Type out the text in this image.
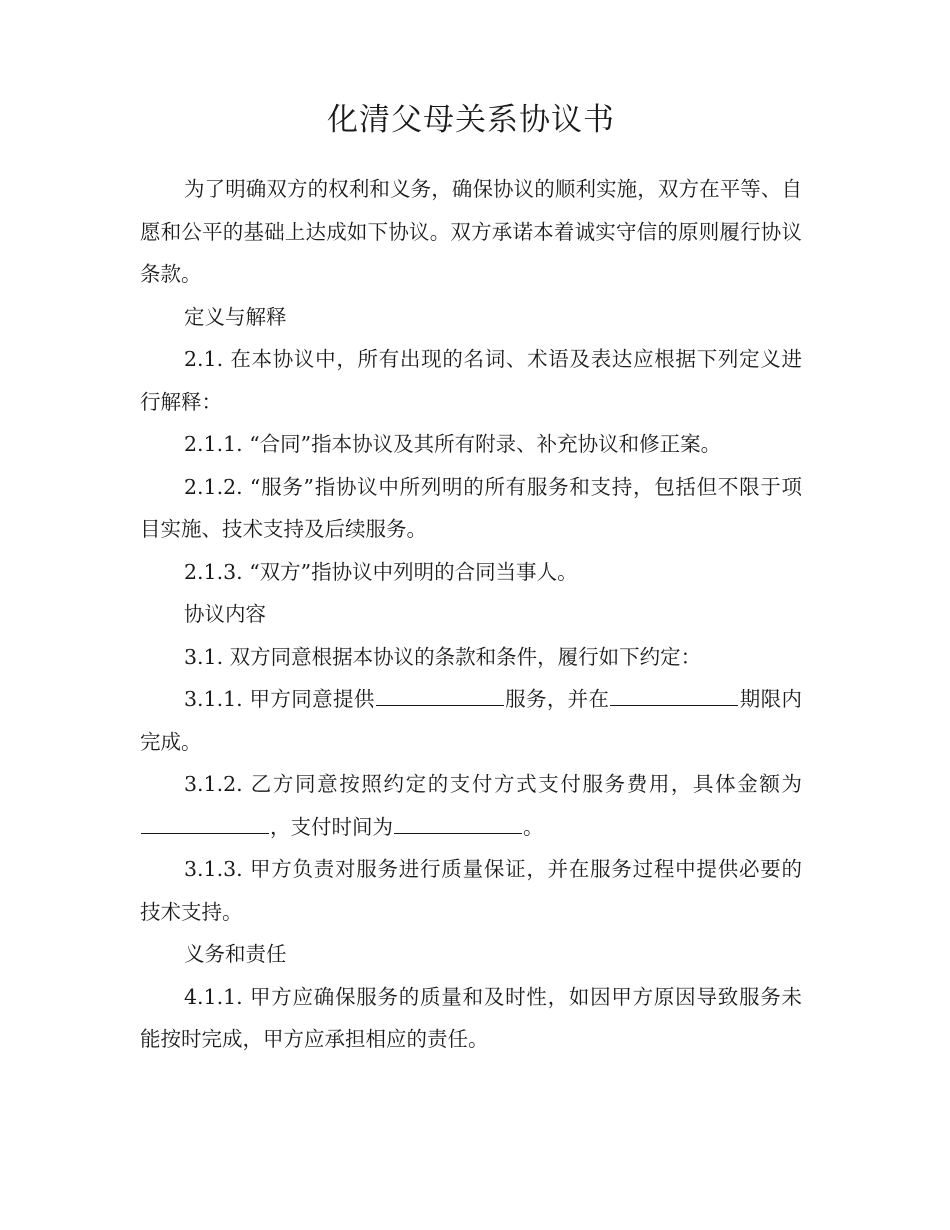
化清父母关系协议书

为了明确双方的权利和义务，确保协议的顺利实施，双方在平等、自愿和公平的基础上达成如下协议。双方承诺本着诚实守信的原则履行协议条款。

定义与解释

2.1. 在本协议中，所有出现的名词、术语及表达应根据下列定义进行解释：

2.1.1. “合同”指本协议及其所有附录、补充协议和修正案。

2.1.2. “服务”指协议中所列明的所有服务和支持，包括但不限于项目实施、技术支持及后续服务。

2.1.3. “双方”指协议中列明的合同当事人。

协议内容

3.1. 双方同意根据本协议的条款和条件，履行如下约定：

3.1.1. 甲方同意提供	服务，并在	期限内完成。

3.1.2. 乙方同意按照约定的支付方式支付服务费用，具体金额为，支付时间为	。

3.1.3. 甲方负责对服务进行质量保证，并在服务过程中提供必要的技术支持。

义务和责任

4.1.1. 甲方应确保服务的质量和及时性，如因甲方原因导致服务未能按时完成，甲方应承担相应的责任。
